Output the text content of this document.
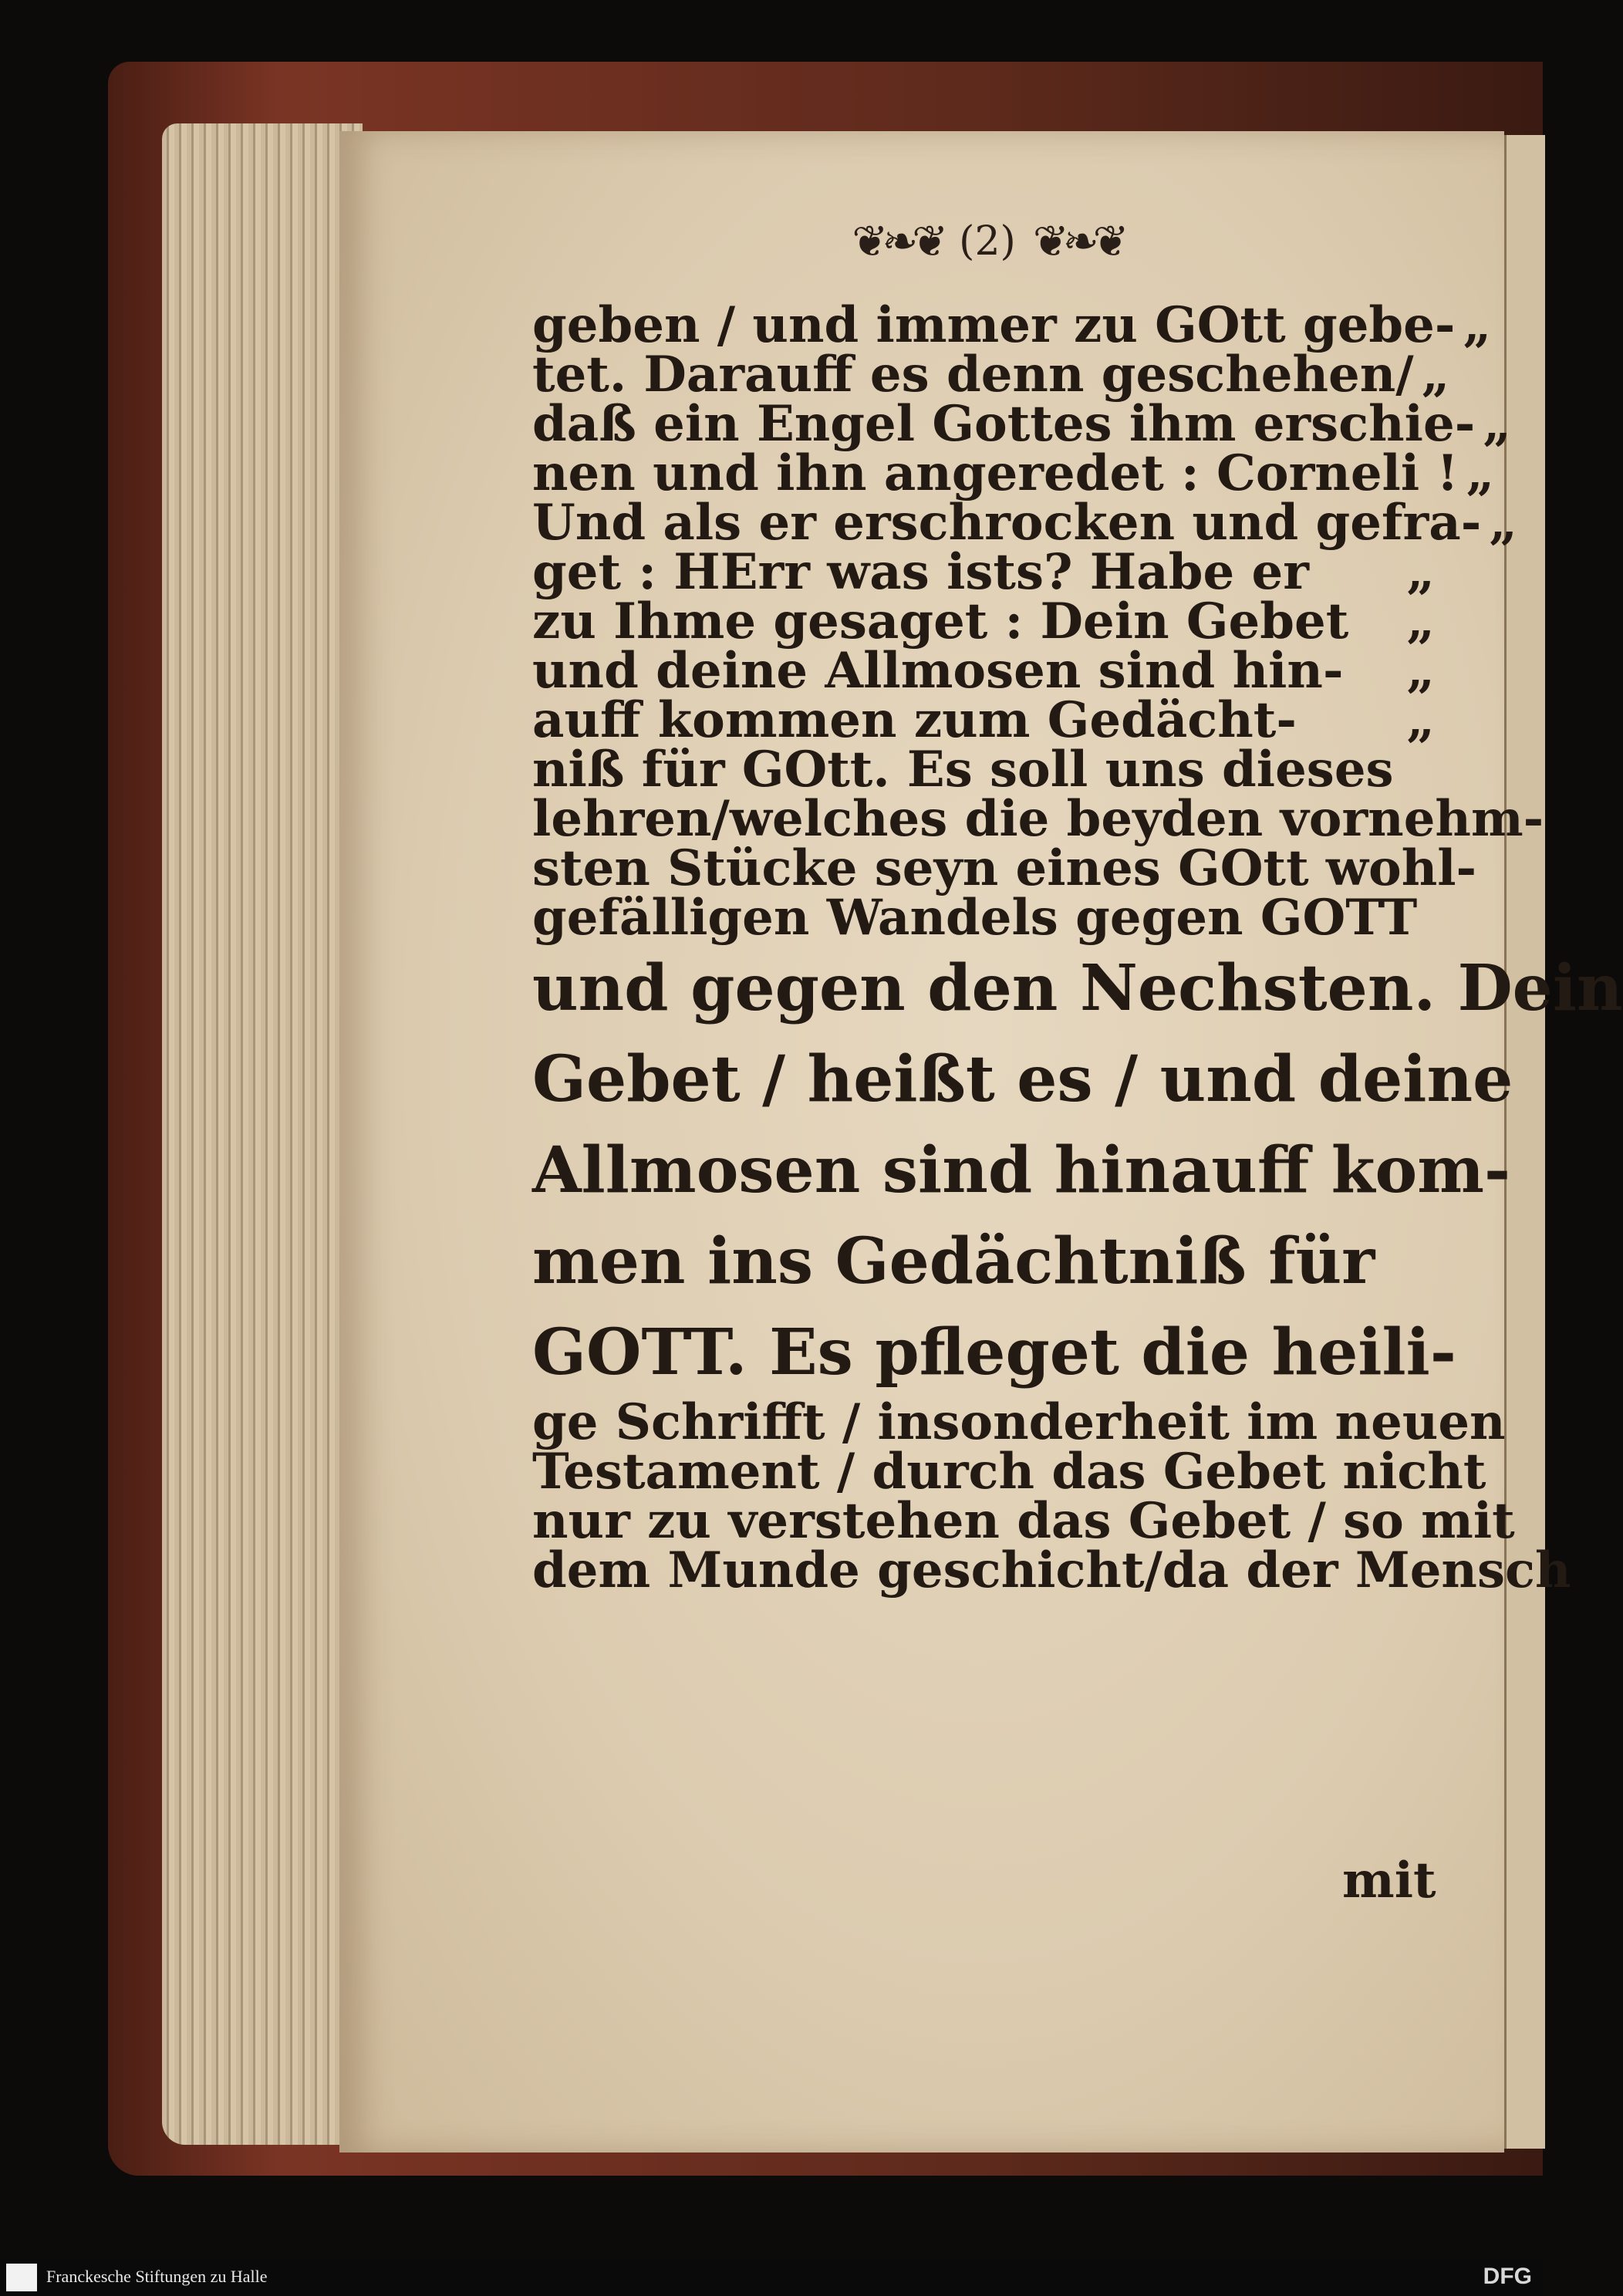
❦❧❦ (2) ❦❧❦
geben / und immer zu GOtt gebe- „
tet. Darauff es denn geschehen/ „
daß ein Engel Gottes ihm erschie- „
nen und ihn angeredet : Corneli ! „
Und als er erschrocken und gefra- „
get : HErr was ists? Habe er	„
zu Ihme gesaget : Dein Gebet	„
und deine Allmosen sind hin-	„
auff kommen zum Gedächt-	„
niß für GOtt. Es soll uns dieses
lehren/welches die beyden vornehm-
sten Stücke seyn eines GOtt wohl-
gefälligen Wandels gegen GOTT
und gegen den Nechsten. Dein
Gebet / heißt es / und deine
Allmosen sind hinauff kom-
men ins Gedächtniß für
GOTT. Es pfleget die heili-
ge Schrifft / insonderheit im neuen
Testament / durch das Gebet nicht
nur zu verstehen das Gebet / so mit
dem Munde geschicht/da der Mensch
mit
Franckesche Stiftungen zu Halle	DFG
